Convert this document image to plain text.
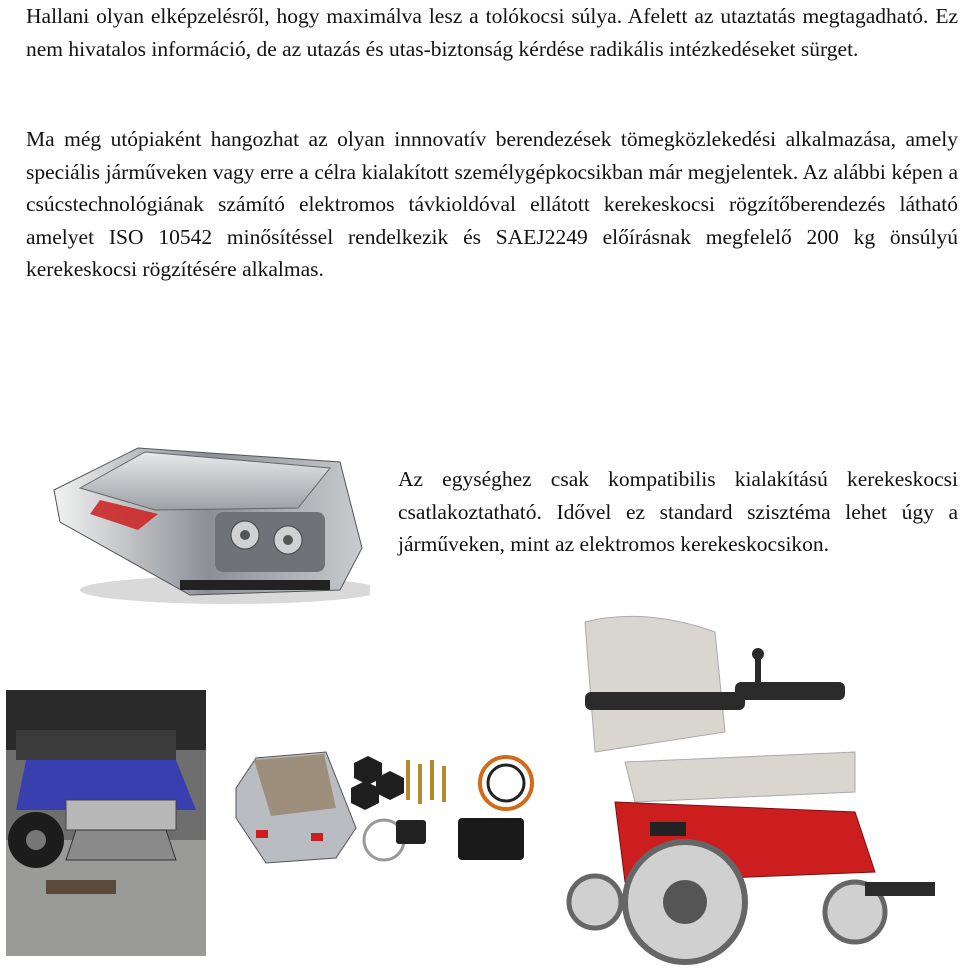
Hallani olyan elképzelésről, hogy maximálva lesz a tolókocsi súlya. Afelett az utaztatás megtagadható. Ez nem hivatalos információ, de az utazás és utas-biztonság kérdése radikális intézkedéseket sürget.

Ma még utópiaként hangozhat az olyan innnovatív berendezések tömegközlekedési alkalmazása, amely speciális járműveken vagy erre a célra kialakított személygépkocsikban már megjelentek. Az alábbi képen a csúcstechnológiának számító elektromos távkioldóval ellátott kerekeskocsi rögzítőberendezés látható amelyet ISO 10542 minősítéssel rendelkezik és SAEJ2249 előírásnak megfelelő 200 kg önsúlyú kerekeskocsi rögzítésére alkalmas.

Az egységhez csak kompatibilis kialakítású kerekeskocsi csatlakoztatható. Idővel ez standard szisztéma lehet úgy a járműveken, mint az elektromos kerekeskocsikon.
